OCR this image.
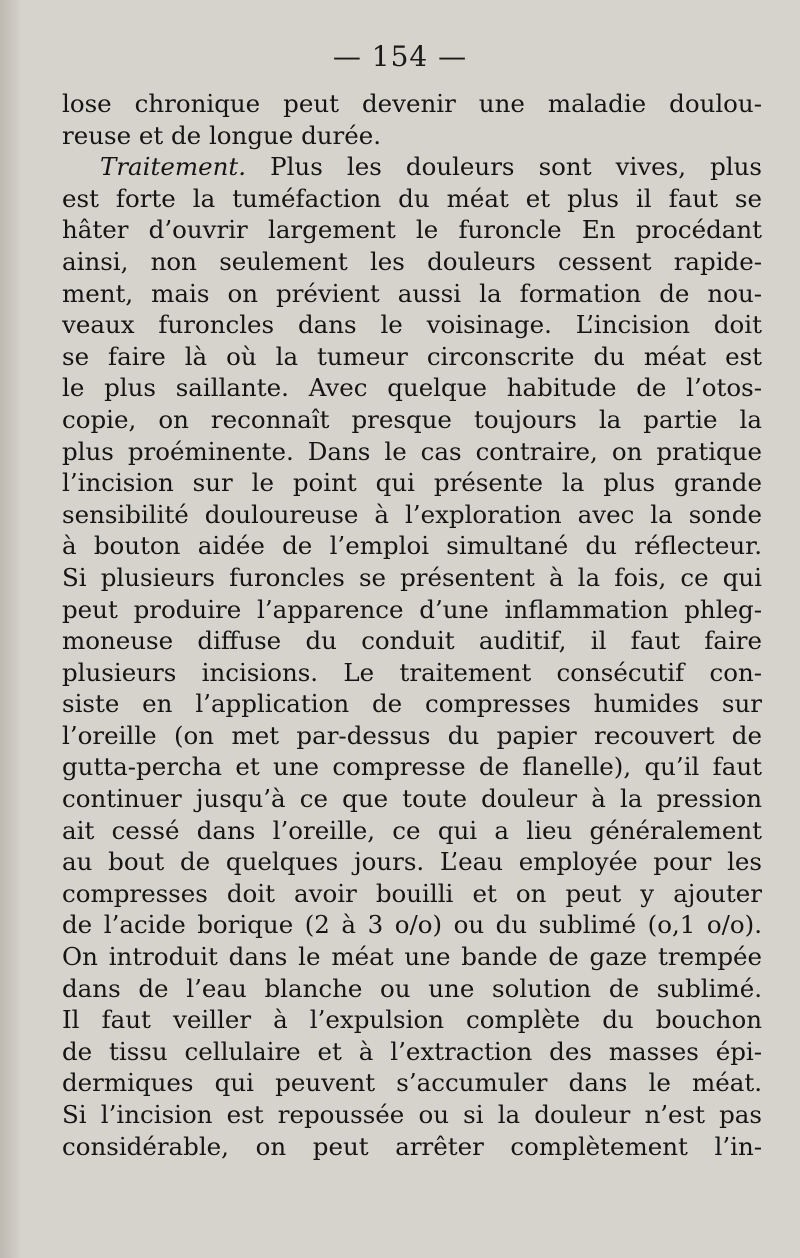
— 154 —
lose chronique peut devenir une maladie doulou-
reuse et de longue durée.
Traitement. Plus les douleurs sont vives, plus
est forte la tuméfaction du méat et plus il faut se
hâter d’ouvrir largement le furoncle En procédant
ainsi, non seulement les douleurs cessent rapide-
ment, mais on prévient aussi la formation de nou-
veaux furoncles dans le voisinage. L’incision doit
se faire là où la tumeur circonscrite du méat est
le plus saillante. Avec quelque habitude de l’otos-
copie, on reconnaît presque toujours la partie la
plus proéminente. Dans le cas contraire, on pratique
l’incision sur le point qui présente la plus grande
sensibilité douloureuse à l’exploration avec la sonde
à bouton aidée de l’emploi simultané du réflecteur.
Si plusieurs furoncles se présentent à la fois, ce qui
peut produire l’apparence d’une inflammation phleg-
moneuse diffuse du conduit auditif, il faut faire
plusieurs incisions. Le traitement consécutif con-
siste en l’application de compresses humides sur
l’oreille (on met par-dessus du papier recouvert de
gutta-percha et une compresse de flanelle), qu’il faut
continuer jusqu’à ce que toute douleur à la pression
ait cessé dans l’oreille, ce qui a lieu généralement
au bout de quelques jours. L’eau employée pour les
compresses doit avoir bouilli et on peut y ajouter
de l’acide borique (2 à 3 o/o) ou du sublimé (o,1 o/o).
On introduit dans le méat une bande de gaze trempée
dans de l’eau blanche ou une solution de sublimé.
Il faut veiller à l’expulsion complète du bouchon
de tissu cellulaire et à l’extraction des masses épi-
dermiques qui peuvent s’accumuler dans le méat.
Si l’incision est repoussée ou si la douleur n’est pas
considérable, on peut arrêter complètement l’in-
